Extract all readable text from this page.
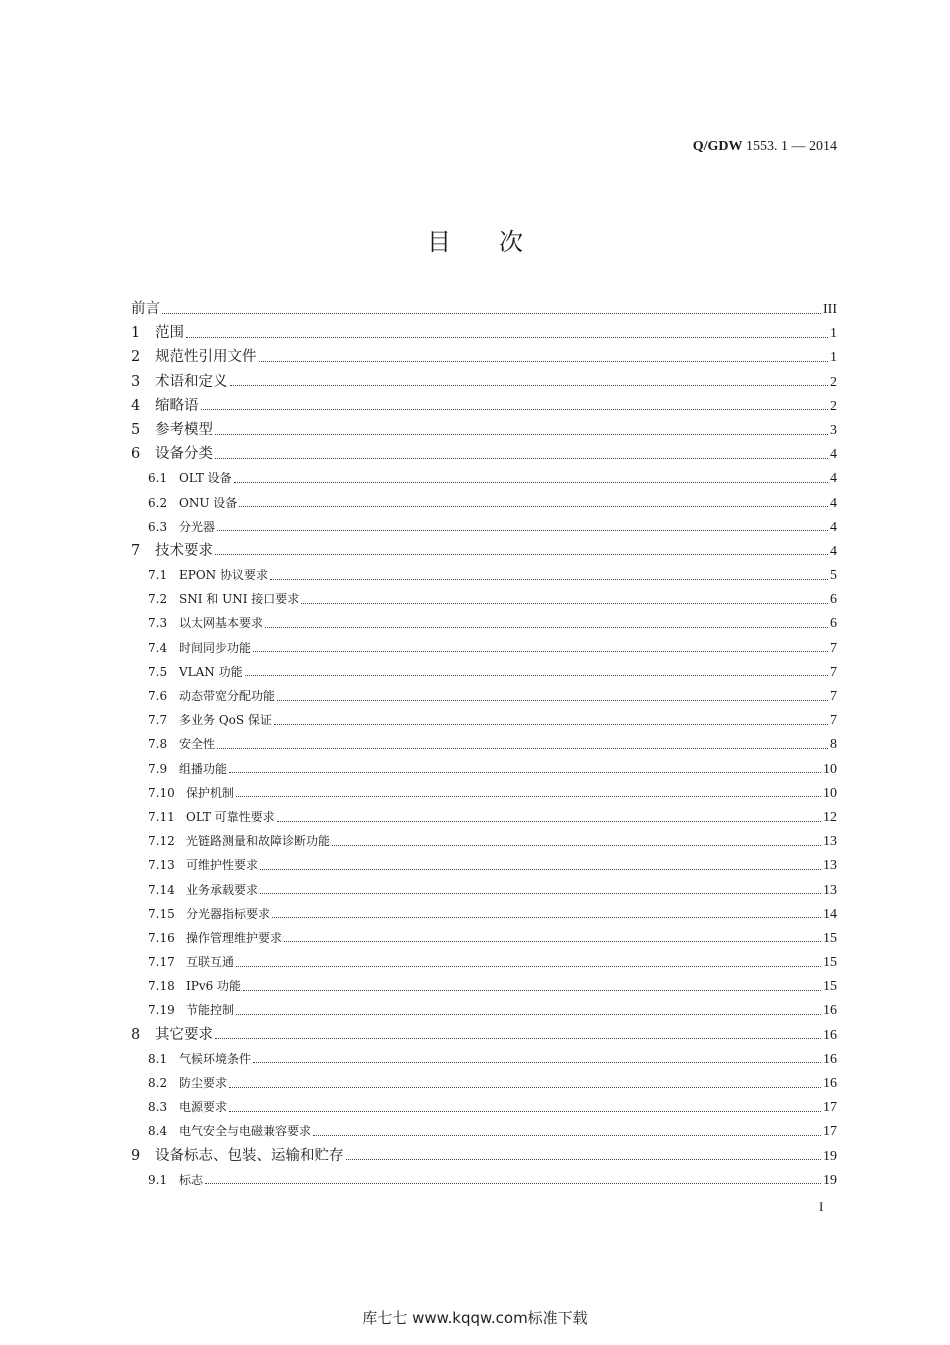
Q/GDW 1553. 1 — 2014
目次
前言	III
1	范围	1
2	规范性引用文件	1
3	术语和定义	2
4	缩略语	2
5	参考模型	3
6	设备分类	4
6.1 OLT 设备	4
6.2 ONU 设备	4
6.3 分光器	4
7	技术要求	4
7.1 EPON 协议要求	5
7.2 SNI 和 UNI 接口要求	6
7.3 以太网基本要求	6
7.4 时间同步功能	7
7.5 VLAN 功能	7
7.6 动态带宽分配功能	7
7.7 多业务 QoS 保证	7
7.8 安全性	8
7.9 组播功能	10
7.10 保护机制	10
7.11 OLT 可靠性要求	12
7.12 光链路测量和故障诊断功能	13
7.13 可维护性要求	13
7.14 业务承载要求	13
7.15 分光器指标要求	14
7.16 操作管理维护要求	15
7.17 互联互通	15
7.18 IPv6 功能	15
7.19 节能控制	16
8	其它要求	16
8.1 气候环境条件	16
8.2 防尘要求	16
8.3 电源要求	17
8.4 电气安全与电磁兼容要求	17
9	设备标志、包装、运输和贮存	19
9.1 标志	19
I
库七七 www.kqqw.com标准下载
